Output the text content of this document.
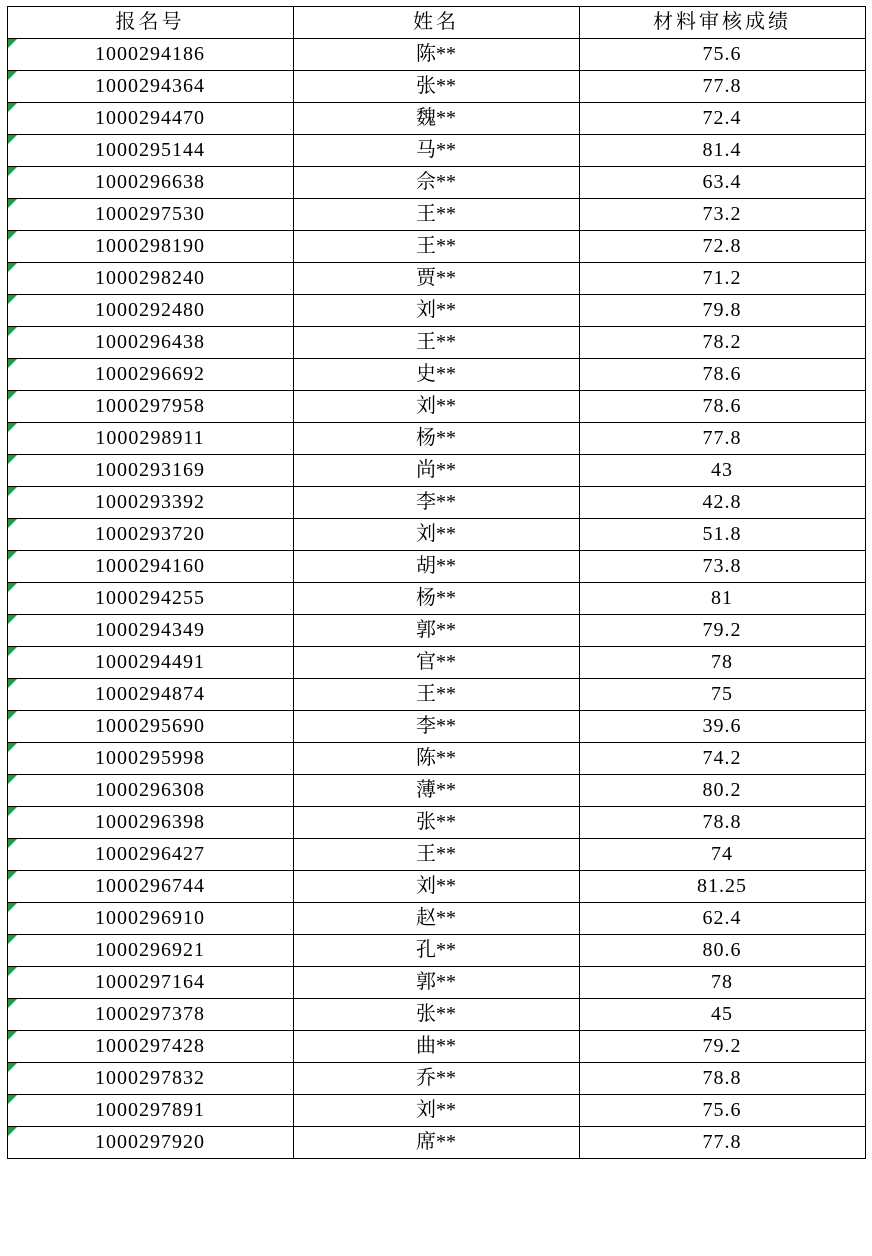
报名号	姓名	材料审核成绩

1000294186	陈**	75.6

1000294364	张**	77.8

1000294470	魏**	72.4

1000295144	马**	81.4

1000296638	佘**	63.4

1000297530	王**	73.2

1000298190	王**	72.8

1000298240	贾**	71.2

1000292480	刘**	79.8

1000296438	王**	78.2

1000296692	史**	78.6

1000297958	刘**	78.6

1000298911	杨**	77.8

1000293169	尚**	43

1000293392	李**	42.8

1000293720	刘**	51.8

1000294160	胡**	73.8

1000294255	杨**	81

1000294349	郭**	79.2

1000294491	官**	78

1000294874	王**	75

1000295690	李**	39.6

1000295998	陈**	74.2

1000296308	薄**	80.2

1000296398	张**	78.8

1000296427	王**	74

1000296744	刘**	81.25

1000296910	赵**	62.4

1000296921	孔**	80.6

1000297164	郭**	78

1000297378	张**	45

1000297428	曲**	79.2

1000297832	乔**	78.8

1000297891	刘**	75.6

1000297920	席**	77.8
